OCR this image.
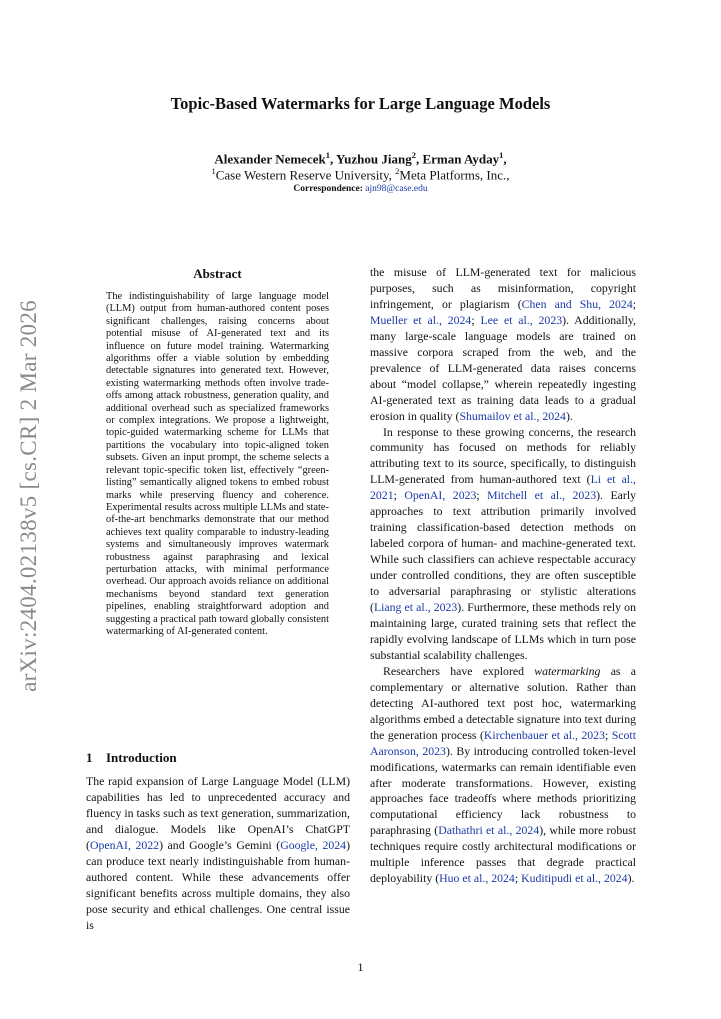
Topic-Based Watermarks for Large Language Models
Alexander Nemecek$^1$, Yuzhou Jiang$^2$, Erman Ayday$^1$,
$^1$Case Western Reserve University, $^2$Meta Platforms, Inc.,
Correspondence: ajn98@case.edu
arXiv:2404.02138v5 [cs.CR] 2 Mar 2026
Abstract
The indistinguishability of large language model (LLM) output from human-authored content poses significant challenges, raising concerns about potential misuse of AI-generated text and its influence on future model training. Watermarking algorithms offer a viable solution by embedding detectable signatures into generated text. However, existing watermarking methods often involve trade-offs among attack robustness, generation quality, and additional overhead such as specialized frameworks or complex integrations. We propose a lightweight, topic-guided watermarking scheme for LLMs that partitions the vocabulary into topic-aligned token subsets. Given an input prompt, the scheme selects a relevant topic-specific token list, effectively “green-listing” semantically aligned tokens to embed robust marks while preserving fluency and coherence. Experimental results across multiple LLMs and state-of-the-art benchmarks demonstrate that our method achieves text quality comparable to industry-leading systems and simultaneously improves watermark robustness against paraphrasing and lexical perturbation attacks, with minimal performance overhead. Our approach avoids reliance on additional mechanisms beyond standard text generation pipelines, enabling straightforward adoption and suggesting a practical path toward globally consistent watermarking of AI-generated content.
1 Introduction
The rapid expansion of Large Language Model (LLM) capabilities has led to unprecedented accuracy and fluency in tasks such as text generation, summarization, and dialogue. Models like OpenAI’s ChatGPT (OpenAI, 2022) and Google’s Gemini (Google, 2024) can produce text nearly indistinguishable from human-authored content. While these advancements offer significant benefits across multiple domains, they also pose security and ethical challenges. One central issue is

the misuse of LLM-generated text for malicious purposes, such as misinformation, copyright infringement, or plagiarism (Chen and Shu, 2024; Mueller et al., 2024; Lee et al., 2023). Additionally, many large-scale language models are trained on massive corpora scraped from the web, and the prevalence of LLM-generated data raises concerns about “model collapse,” wherein repeatedly ingesting AI-generated text as training data leads to a gradual erosion in quality (Shumailov et al., 2024).

In response to these growing concerns, the research community has focused on methods for reliably attributing text to its source, specifically, to distinguish LLM-generated from human-authored text (Li et al., 2021; OpenAI, 2023; Mitchell et al., 2023). Early approaches to text attribution primarily involved training classification-based detection methods on labeled corpora of human- and machine-generated text. While such classifiers can achieve respectable accuracy under controlled conditions, they are often susceptible to adversarial paraphrasing or stylistic alterations (Liang et al., 2023). Furthermore, these methods rely on maintaining large, curated training sets that reflect the rapidly evolving landscape of LLMs which in turn pose substantial scalability challenges.

Researchers have explored watermarking as a complementary or alternative solution. Rather than detecting AI-authored text post hoc, watermarking algorithms embed a detectable signature into text during the generation process (Kirchenbauer et al., 2023; Scott Aaronson, 2023). By introducing controlled token-level modifications, watermarks can remain identifiable even after moderate transformations. However, existing approaches face tradeoffs where methods prioritizing computational efficiency lack robustness to paraphrasing (Dathathri et al., 2024), while more robust techniques require costly architectural modifications or multiple inference passes that degrade practical deployability (Huo et al., 2024; Kuditipudi et al., 2024).

1
